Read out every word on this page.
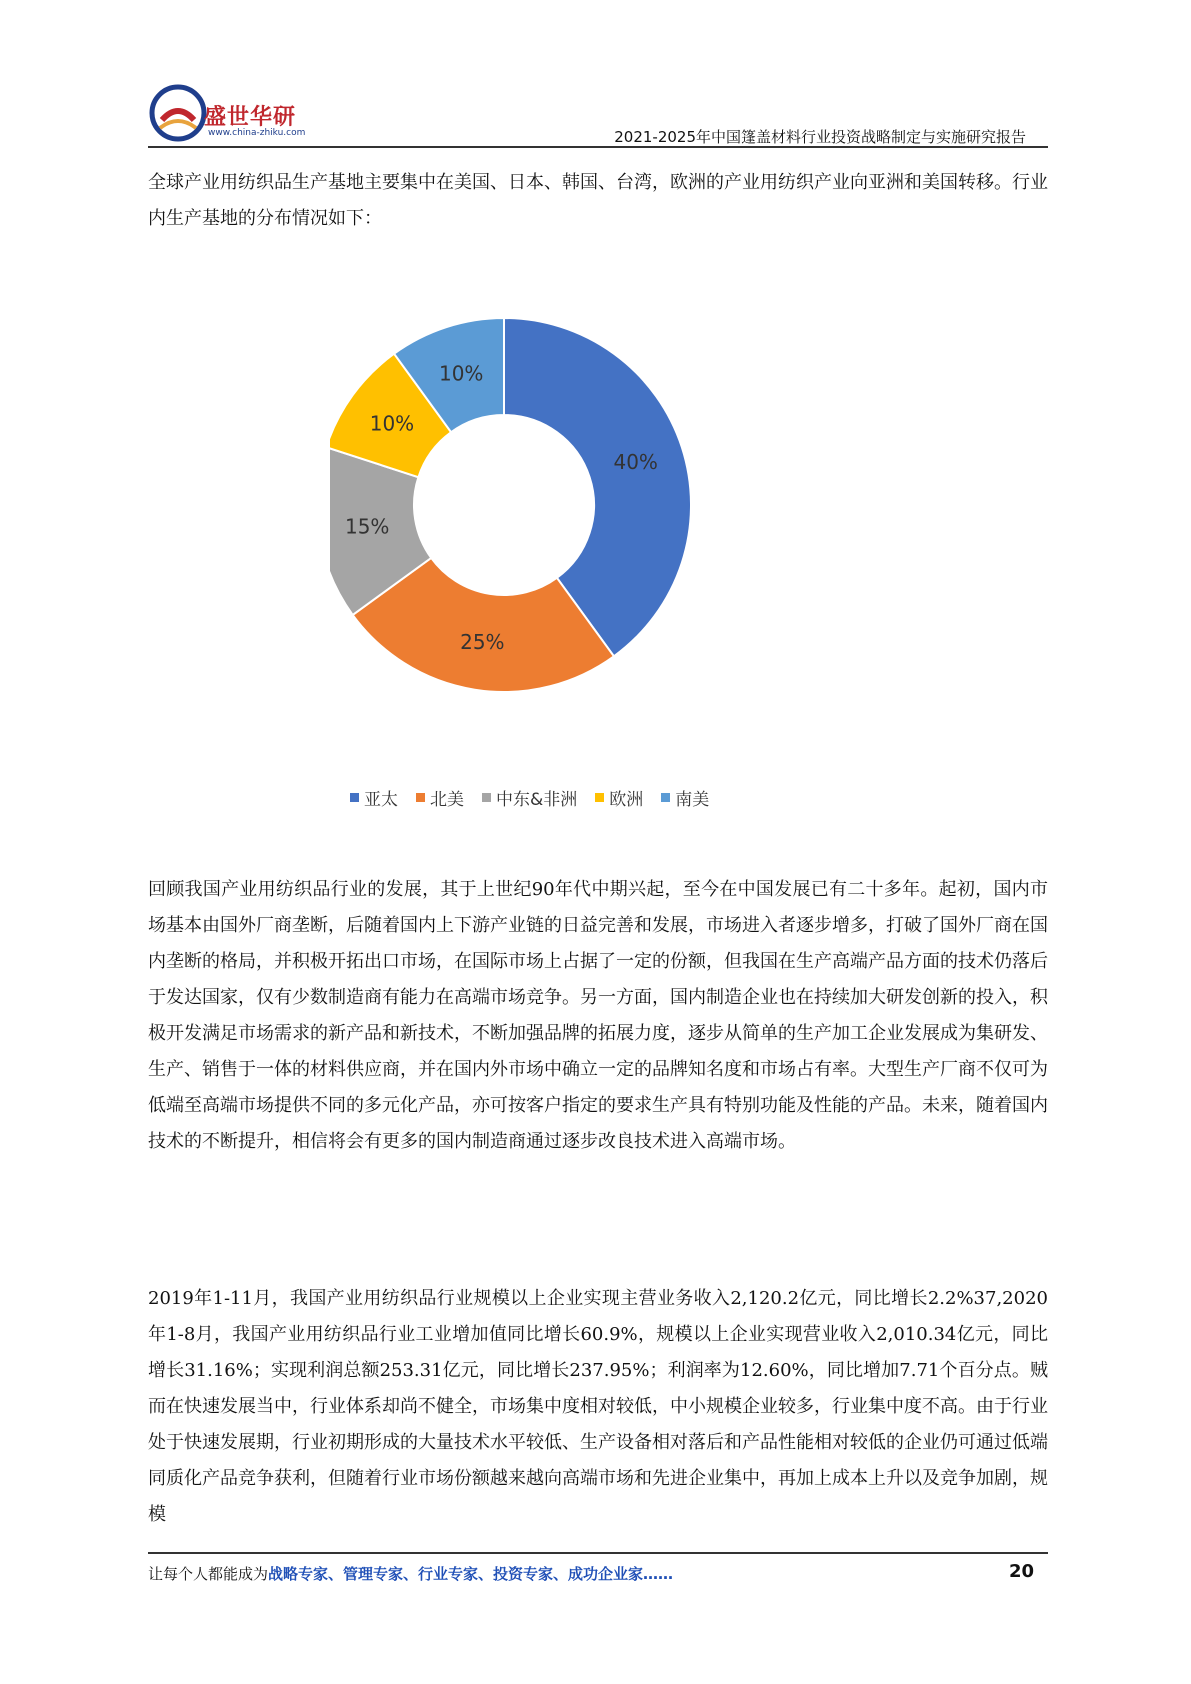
盛世华研
www.china-zhiku.com	2021-2025年中国篷盖材料行业投资战略制定与实施研究报告

全球产业用纺织品生产基地主要集中在美国、日本、韩国、台湾，欧洲的产业用纺织产业向亚洲和美国转移。行业内生产基地的分布情况如下：

40%
25%
15%
10%
10%
亚太 北美 中东&非洲 欧洲 南美

回顾我国产业用纺织品行业的发展，其于上世纪90年代中期兴起，至今在中国发展已有二十多年。起初，国内市场基本由国外厂商垄断，后随着国内上下游产业链的日益完善和发展，市场进入者逐步增多，打破了国外厂商在国内垄断的格局，并积极开拓出口市场，在国际市场上占据了一定的份额，但我国在生产高端产品方面的技术仍落后于发达国家，仅有少数制造商有能力在高端市场竞争。另一方面，国内制造企业也在持续加大研发创新的投入，积极开发满足市场需求的新产品和新技术，不断加强品牌的拓展力度，逐步从简单的生产加工企业发展成为集研发、生产、销售于一体的材料供应商，并在国内外市场中确立一定的品牌知名度和市场占有率。大型生产厂商不仅可为低端至高端市场提供不同的多元化产品，亦可按客户指定的要求生产具有特别功能及性能的产品。未来，随着国内技术的不断提升，相信将会有更多的国内制造商通过逐步改良技术进入高端市场。

2019年1-11月，我国产业用纺织品行业规模以上企业实现主营业务收入2,120.2亿元，同比增长2.2%37,2020年1-8月，我国产业用纺织品行业工业增加值同比增长60.9%，规模以上企业实现营业收入2,010.34亿元，同比增长31.16%；实现利润总额253.31亿元，同比增长237.95%；利润率为12.60%，同比增加7.71个百分点。贼而在快速发展当中，行业体系却尚不健全，市场集中度相对较低，中小规模企业较多，行业集中度不高。由于行业处于快速发展期，行业初期形成的大量技术水平较低、生产设备相对落后和产品性能相对较低的企业仍可通过低端同质化产品竞争获利，但随着行业市场份额越来越向高端市场和先进企业集中，再加上成本上升以及竞争加剧，规模

让每个人都能成为战略专家、管理专家、行业专家、投资专家、成功企业家……	20
